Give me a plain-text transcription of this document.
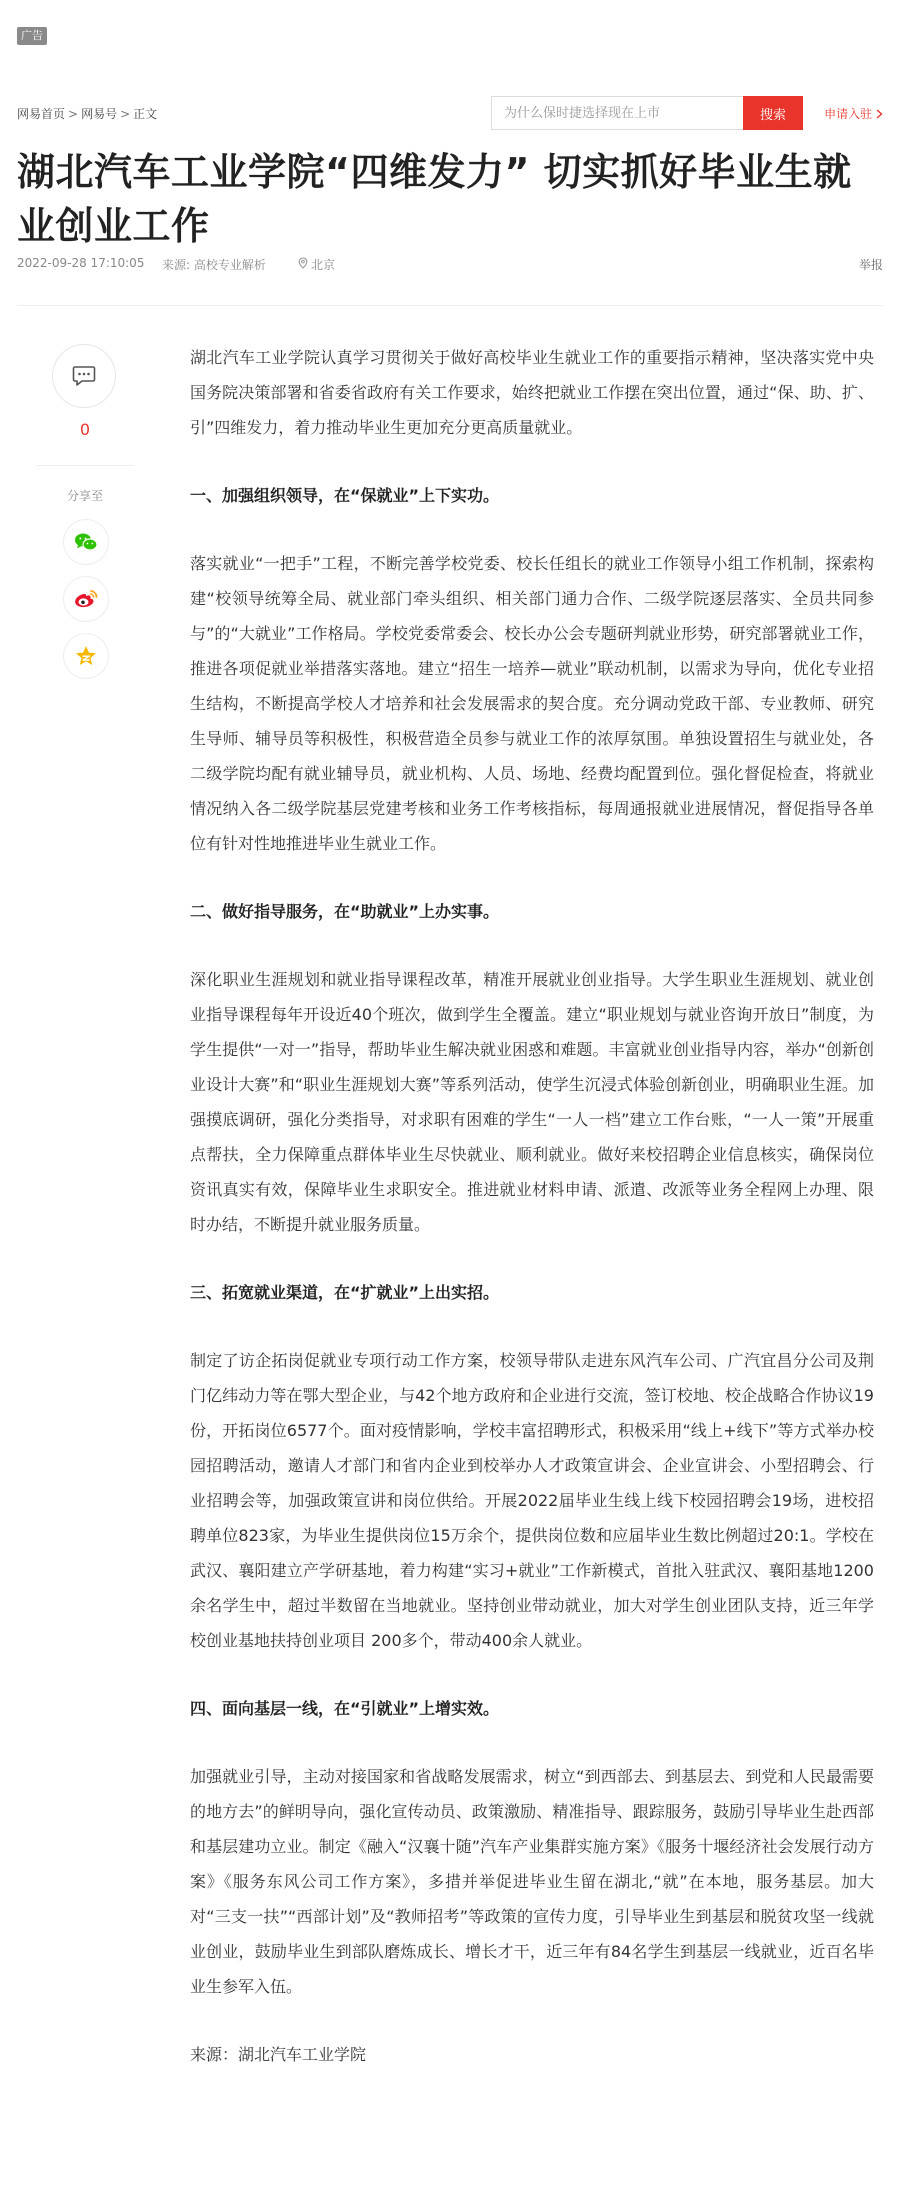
广告
网易首页 > 网易号 > 正文
为什么保时捷选择现在上市	搜索	申请入驻
湖北汽车工业学院“四维发力” 切实抓好毕业生就业创业工作
2022-09-28 17:10:05 来源: 高校专业解析	北京	举报
0
分享至

湖北汽车工业学院认真学习贯彻关于做好高校毕业生就业工作的重要指示精神，坚决落实党中央国务院决策部署和省委省政府有关工作要求，始终把就业工作摆在突出位置，通过“保、助、扩、引”四维发力，着力推动毕业生更加充分更高质量就业。

一、加强组织领导，在“保就业”上下实功。

落实就业“一把手”工程，不断完善学校党委、校长任组长的就业工作领导小组工作机制，探索构建“校领导统筹全局、就业部门牵头组织、相关部门通力合作、二级学院逐层落实、全员共同参与”的“大就业”工作格局。学校党委常委会、校长办公会专题研判就业形势，研究部署就业工作，推进各项促就业举措落实落地。建立“招生一培养—就业”联动机制，以需求为导向，优化专业招生结构，不断提高学校人才培养和社会发展需求的契合度。充分调动党政干部、专业教师、研究生导师、辅导员等积极性，积极营造全员参与就业工作的浓厚氛围。单独设置招生与就业处，各二级学院均配有就业辅导员，就业机构、人员、场地、经费均配置到位。强化督促检查，将就业情况纳入各二级学院基层党建考核和业务工作考核指标，每周通报就业进展情况，督促指导各单位有针对性地推进毕业生就业工作。

二、做好指导服务，在“助就业”上办实事。

深化职业生涯规划和就业指导课程改革，精准开展就业创业指导。大学生职业生涯规划、就业创业指导课程每年开设近40个班次，做到学生全覆盖。建立“职业规划与就业咨询开放日”制度，为学生提供“一对一”指导，帮助毕业生解决就业困惑和难题。丰富就业创业指导内容，举办“创新创业设计大赛”和“职业生涯规划大赛”等系列活动，使学生沉浸式体验创新创业，明确职业生涯。加强摸底调研，强化分类指导，对求职有困难的学生“一人一档”建立工作台账，“一人一策”开展重点帮扶，全力保障重点群体毕业生尽快就业、顺利就业。做好来校招聘企业信息核实，确保岗位资讯真实有效，保障毕业生求职安全。推进就业材料申请、派遣、改派等业务全程网上办理、限时办结，不断提升就业服务质量。

三、拓宽就业渠道，在“扩就业”上出实招。

制定了访企拓岗促就业专项行动工作方案，校领导带队走进东风汽车公司、广汽宜昌分公司及荆门亿纬动力等在鄂大型企业，与42个地方政府和企业进行交流，签订校地、校企战略合作协议19份，开拓岗位6577个。面对疫情影响，学校丰富招聘形式，积极采用“线上+线下”等方式举办校园招聘活动，邀请人才部门和省内企业到校举办人才政策宣讲会、企业宣讲会、小型招聘会、行业招聘会等，加强政策宣讲和岗位供给。开展2022届毕业生线上线下校园招聘会19场，进校招聘单位823家，为毕业生提供岗位15万余个，提供岗位数和应届毕业生数比例超过20:1。学校在武汉、襄阳建立产学研基地，着力构建“实习+就业”工作新模式，首批入驻武汉、襄阳基地1200余名学生中，超过半数留在当地就业。坚持创业带动就业，加大对学生创业团队支持，近三年学校创业基地扶持创业项目 200多个，带动400余人就业。

四、面向基层一线，在“引就业”上增实效。

加强就业引导，主动对接国家和省战略发展需求，树立“到西部去、到基层去、到党和人民最需要的地方去”的鲜明导向，强化宣传动员、政策激励、精准指导、跟踪服务，鼓励引导毕业生赴西部和基层建功立业。制定《融入“汉襄十随”汽车产业集群实施方案》《服务十堰经济社会发展行动方案》《服务东风公司工作方案》，多措并举促进毕业生留在湖北,“就”在本地，服务基层。加大对“三支一扶”“西部计划”及“教师招考”等政策的宣传力度，引导毕业生到基层和脱贫攻坚一线就业创业，鼓励毕业生到部队磨炼成长、增长才干，近三年有84名学生到基层一线就业，近百名毕业生参军入伍。

来源：湖北汽车工业学院
